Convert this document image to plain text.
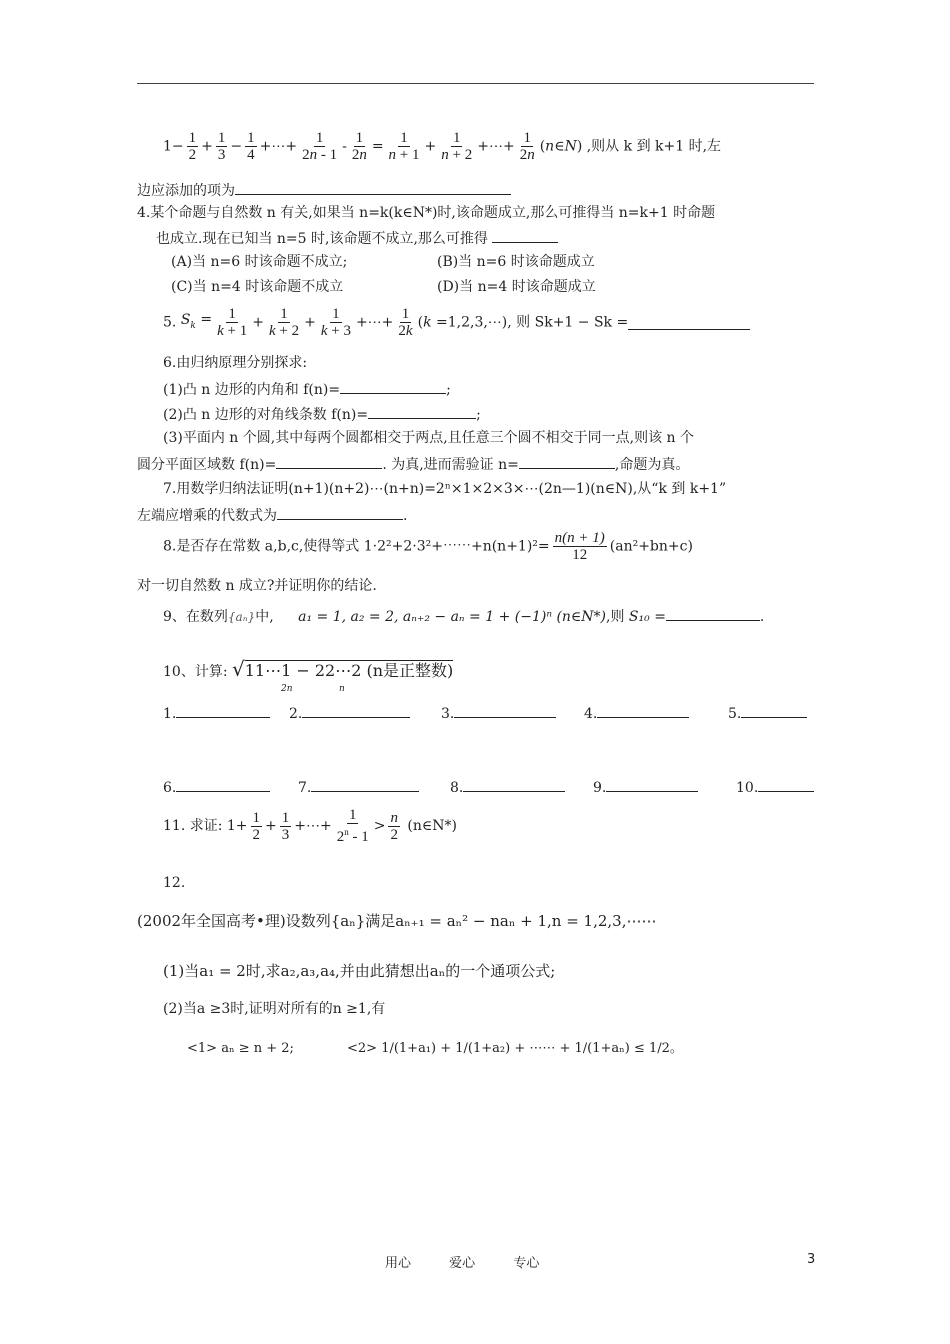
$1- \frac{1}{2} + \frac{1}{3} - \frac{1}{4}$ +⋯+ $\frac{1}{2n - 1} - \frac{1}{2n} = \frac{1}{n + 1} + \frac{1}{n + 2}$ +⋯+ $\frac{1}{2n}$ (n∈N) ,则从 k 到 k+1 时,左
边应添加的项为
4.某个命题与自然数 n 有关,如果当 n=k(k∈N*)时,该命题成立,那么可推得当 n=k+1 时命题
也成立.现在已知当 n=5 时,该命题不成立,那么可推得
(A)当 n=6 时该命题不成立;	(B)当 n=6 时该命题成立
(C)当 n=4 时该命题不成立	(D)当 n=4 时该命题成立
5. $S_k = \frac{1}{k + 1} + \frac{1}{k + 2} + \frac{1}{k + 3}$ +⋯+ $\frac{1}{2k} (k$ =1,2,3,⋯), 则 Sk+1 − Sk =
6.由归纳原理分别探求:
(1)凸 n 边形的内角和 f(n)=	;
(2)凸 n 边形的对角线条数 f(n)=	;
(3)平面内 n 个圆,其中每两个圆都相交于两点,且任意三个圆不相交于同一点,则该 n 个
圆分平面区域数 f(n)=	. 为真,进而需验证 n=	,命题为真。
7.用数学归纳法证明(n+1)(n+2)⋯(n+n)=2ⁿ×1×2×3×⋯(2n—1)(n∈N),从“k 到 k+1”
左端应增乘的代数式为	.
8.是否存在常数 a,b,c,使得等式 1·2²+2·3²+⋯⋯+n(n+1)²= $\frac{n(n + 1)}{12} (an^2+bn+c)$
对一切自然数 n 成立?并证明你的结论.
9、在数列{aₙ}中, a₁ = 1, a₂ = 2, aₙ₊₂ − aₙ = 1 + (−1)ⁿ (n∈N*),则 S₁₀ =	.
10、计算: √11⋯1 − 22⋯2 (n是正整数)
2n	n
1.	2.	3.	4.	5.
6.	7.	8.	9.	10.
11. 求证: $1+ \frac{1}{2} + \frac{1}{3}$ +⋯+ $\frac{1}{2^n - 1} > \frac{n}{2}$ (n∈N*)
12.
(2002年全国高考•理)设数列{aₙ}满足aₙ₊₁ = aₙ² − naₙ + 1,n = 1,2,3,⋯⋯
(1)当a₁ = 2时,求a₂,a₃,a₄,并由此猜想出aₙ的一个通项公式;
(2)当a ≥3时,证明对所有的n ≥1,有
<1> aₙ ≥ n + 2;	<2> 1/(1+a₁) + 1/(1+a₂) + ⋯⋯ + 1/(1+aₙ) ≤ 1/2。
用心	爱心	专心	3
